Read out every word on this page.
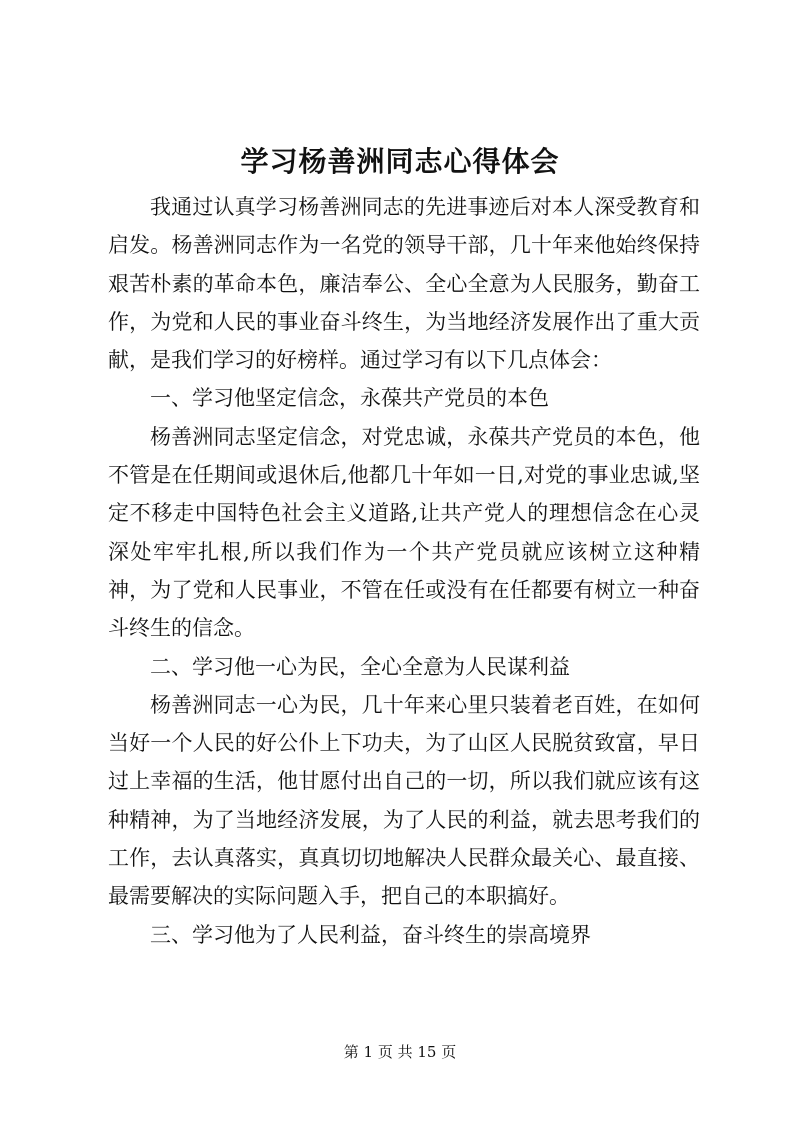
学习杨善洲同志心得体会

我通过认真学习杨善洲同志的先进事迹后对本人深受教育和启发。杨善洲同志作为一名党的领导干部，几十年来他始终保持艰苦朴素的革命本色，廉洁奉公、全心全意为人民服务，勤奋工作，为党和人民的事业奋斗终生，为当地经济发展作出了重大贡献，是我们学习的好榜样。通过学习有以下几点体会：

一、学习他坚定信念，永葆共产党员的本色

杨善洲同志坚定信念，对党忠诚，永葆共产党员的本色，他不管是在任期间或退休后,他都几十年如一日,对党的事业忠诚,坚定不移走中国特色社会主义道路,让共产党人的理想信念在心灵深处牢牢扎根,所以我们作为一个共产党员就应该树立这种精神，为了党和人民事业，不管在任或没有在任都要有树立一种奋斗终生的信念。

二、学习他一心为民，全心全意为人民谋利益

杨善洲同志一心为民，几十年来心里只装着老百姓，在如何当好一个人民的好公仆上下功夫，为了山区人民脱贫致富，早日过上幸福的生活，他甘愿付出自己的一切，所以我们就应该有这种精神，为了当地经济发展，为了人民的利益，就去思考我们的工作，去认真落实，真真切切地解决人民群众最关心、最直接、最需要解决的实际问题入手，把自己的本职搞好。

三、学习他为了人民利益，奋斗终生的崇高境界

第 1 页 共 15 页
